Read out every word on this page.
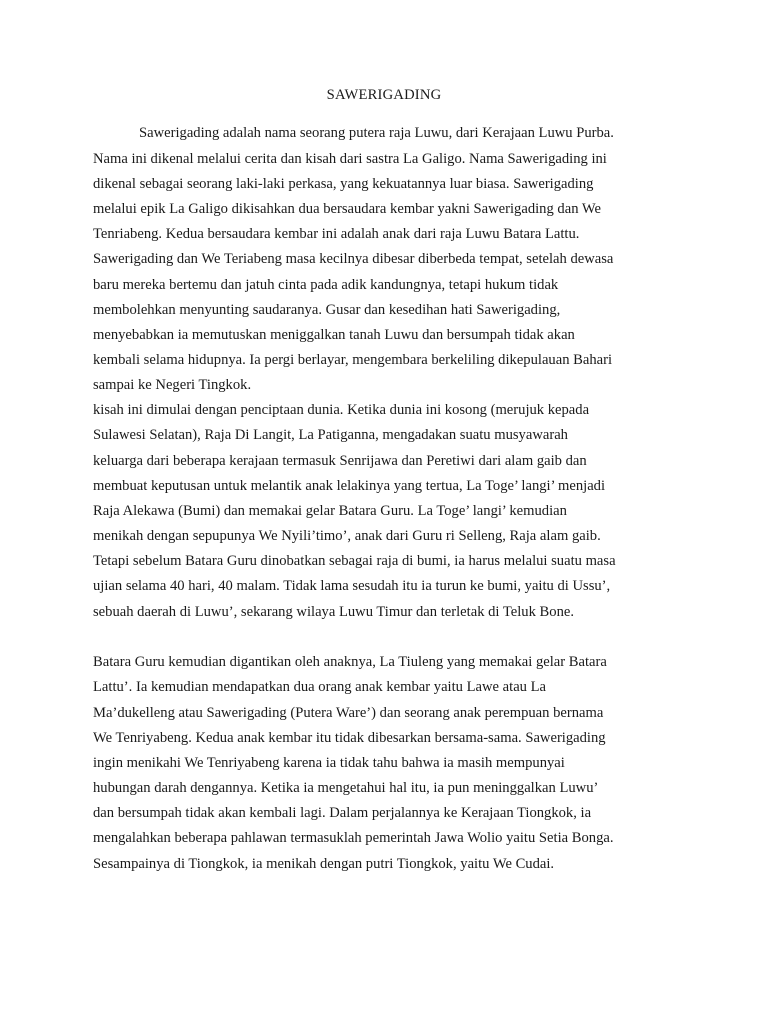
SAWERIGADING
Sawerigading adalah nama seorang putera raja Luwu, dari Kerajaan Luwu Purba.
Nama ini dikenal melalui cerita dan kisah dari sastra La Galigo. Nama Sawerigading ini
dikenal sebagai seorang laki-laki perkasa, yang kekuatannya luar biasa. Sawerigading
melalui epik La Galigo dikisahkan dua bersaudara kembar yakni Sawerigading dan We
Tenriabeng. Kedua bersaudara kembar ini adalah anak dari raja Luwu Batara Lattu.
Sawerigading dan We Teriabeng masa kecilnya dibesar diberbeda tempat, setelah dewasa
baru mereka bertemu dan jatuh cinta pada adik kandungnya, tetapi hukum tidak
membolehkan menyunting saudaranya. Gusar dan kesedihan hati Sawerigading,
menyebabkan ia memutuskan meniggalkan tanah Luwu dan bersumpah tidak akan
kembali selama hidupnya. Ia pergi berlayar, mengembara berkeliling dikepulauan Bahari
sampai ke Negeri Tingkok.
kisah ini dimulai dengan penciptaan dunia. Ketika dunia ini kosong (merujuk kepada
Sulawesi Selatan), Raja Di Langit, La Patiganna, mengadakan suatu musyawarah
keluarga dari beberapa kerajaan termasuk Senrijawa dan Peretiwi dari alam gaib dan
membuat keputusan untuk melantik anak lelakinya yang tertua, La Toge’ langi’ menjadi
Raja Alekawa (Bumi) dan memakai gelar Batara Guru. La Toge’ langi’ kemudian
menikah dengan sepupunya We Nyili’timo’, anak dari Guru ri Selleng, Raja alam gaib.
Tetapi sebelum Batara Guru dinobatkan sebagai raja di bumi, ia harus melalui suatu masa
ujian selama 40 hari, 40 malam. Tidak lama sesudah itu ia turun ke bumi, yaitu di Ussu’,
sebuah daerah di Luwu’, sekarang wilaya Luwu Timur dan terletak di Teluk Bone.
Batara Guru kemudian digantikan oleh anaknya, La Tiuleng yang memakai gelar Batara
Lattu’. Ia kemudian mendapatkan dua orang anak kembar yaitu Lawe atau La
Ma’dukelleng atau Sawerigading (Putera Ware’) dan seorang anak perempuan bernama
We Tenriyabeng. Kedua anak kembar itu tidak dibesarkan bersama-sama. Sawerigading
ingin menikahi We Tenriyabeng karena ia tidak tahu bahwa ia masih mempunyai
hubungan darah dengannya. Ketika ia mengetahui hal itu, ia pun meninggalkan Luwu’
dan bersumpah tidak akan kembali lagi. Dalam perjalannya ke Kerajaan Tiongkok, ia
mengalahkan beberapa pahlawan termasuklah pemerintah Jawa Wolio yaitu Setia Bonga.
Sesampainya di Tiongkok, ia menikah dengan putri Tiongkok, yaitu We Cudai.
